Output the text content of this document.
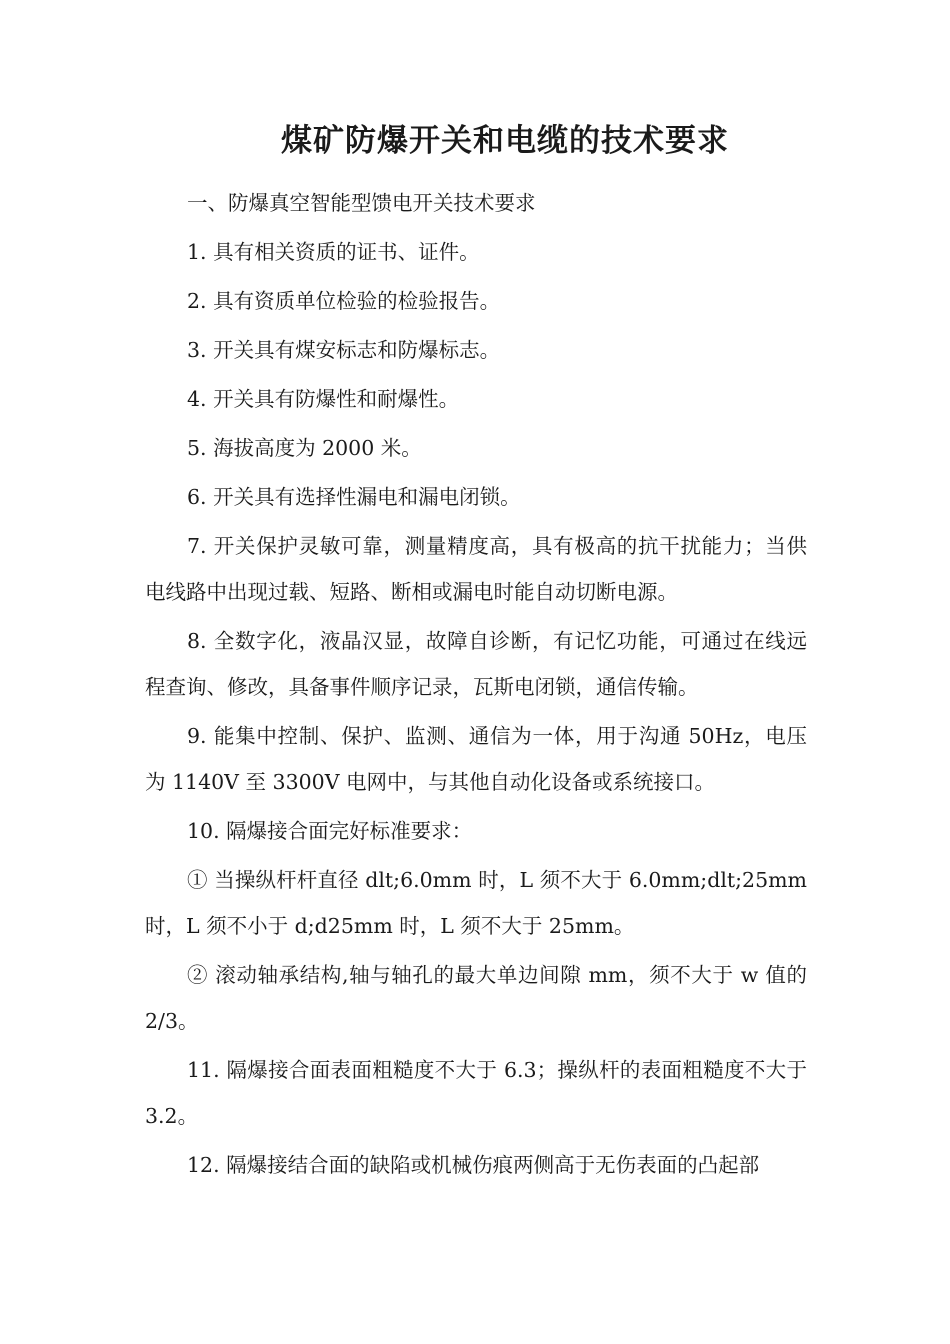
煤矿防爆开关和电缆的技术要求

一、防爆真空智能型馈电开关技术要求

1. 具有相关资质的证书、证件。

2. 具有资质单位检验的检验报告。

3. 开关具有煤安标志和防爆标志。

4. 开关具有防爆性和耐爆性。

5. 海拔高度为 2000 米。

6. 开关具有选择性漏电和漏电闭锁。

7. 开关保护灵敏可靠，测量精度高，具有极高的抗干扰能力；当供电线路中出现过载、短路、断相或漏电时能自动切断电源。

8. 全数字化，液晶汉显，故障自诊断，有记忆功能，可通过在线远程查询、修改，具备事件顺序记录，瓦斯电闭锁，通信传输。

9. 能集中控制、保护、监测、通信为一体，用于沟通 50Hz，电压为 1140V 至 3300V 电网中，与其他自动化设备或系统接口。

10. 隔爆接合面完好标准要求：

① 当操纵杆杆直径 dlt;6.0mm 时，L 须不大于 6.0mm;dlt;25mm 时，L 须不小于 d;d25mm 时，L 须不大于 25mm。

② 滚动轴承结构,轴与轴孔的最大单边间隙 mm，须不大于 w 值的 2/3。

11. 隔爆接合面表面粗糙度不大于 6.3；操纵杆的表面粗糙度不大于 3.2。

12. 隔爆接结合面的缺陷或机械伤痕两侧高于无伤表面的凸起部
